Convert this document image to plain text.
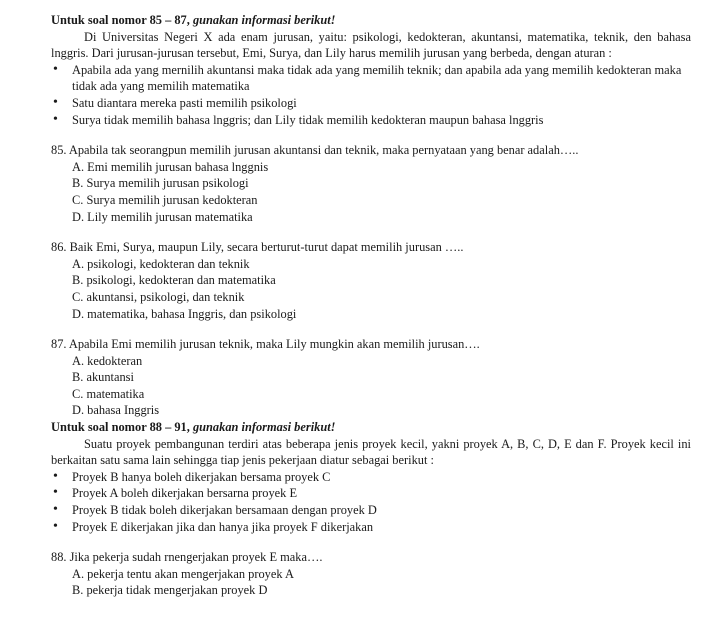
Untuk soal nomor 85 – 87, gunakan informasi berikut!
Di Universitas Negeri X ada enam jurusan, yaitu: psikologi, kedokteran, akuntansi, matematika, teknik, den bahasa lnggris. Dari jurusan-jurusan tersebut, Emi, Surya, dan Lily harus memilih jurusan yang berbeda, dengan aturan :
• Apabila ada yang mernilih akuntansi maka tidak ada yang memilih teknik; dan apabila ada yang memilih kedokteran maka tidak ada yang memilih matematika
• Satu diantara mereka pasti memilih psikologi
• Surya tidak memilih bahasa lnggris; dan Lily tidak memilih kedokteran maupun bahasa lnggris
85. Apabila tak seorangpun memilih jurusan akuntansi dan teknik, maka pernyataan yang benar adalah…..
A. Emi memilih jurusan bahasa lnggnis
B. Surya memilih jurusan psikologi
C. Surya memilih jurusan kedokteran
D. Lily memilih jurusan matematika
86. Baik Emi, Surya, maupun Lily, secara berturut-turut dapat memilih jurusan …..
A. psikologi, kedokteran dan teknik
B. psikologi, kedokteran dan matematika
C. akuntansi, psikologi, dan teknik
D. matematika, bahasa Inggris, dan psikologi
87. Apabila Emi memilih jurusan teknik, maka Lily mungkin akan memilih jurusan….
A. kedokteran
B. akuntansi
C. matematika
D. bahasa Inggris
Untuk soal nomor 88 – 91, gunakan informasi berikut!
Suatu proyek pembangunan terdiri atas beberapa jenis proyek kecil, yakni proyek A, B, C, D, E dan F. Proyek kecil ini berkaitan satu sama lain sehingga tiap jenis pekerjaan diatur sebagai berikut :
• Proyek B hanya boleh dikerjakan bersama proyek C
• Proyek A boleh dikerjakan bersarna proyek E
• Proyek B tidak boleh dikerjakan bersamaan dengan proyek D
• Proyek E dikerjakan jika dan hanya jika proyek F dikerjakan
88. Jika pekerja sudah rnengerjakan proyek E maka….
A. pekerja tentu akan mengerjakan proyek A
B. pekerja tidak mengerjakan proyek D
